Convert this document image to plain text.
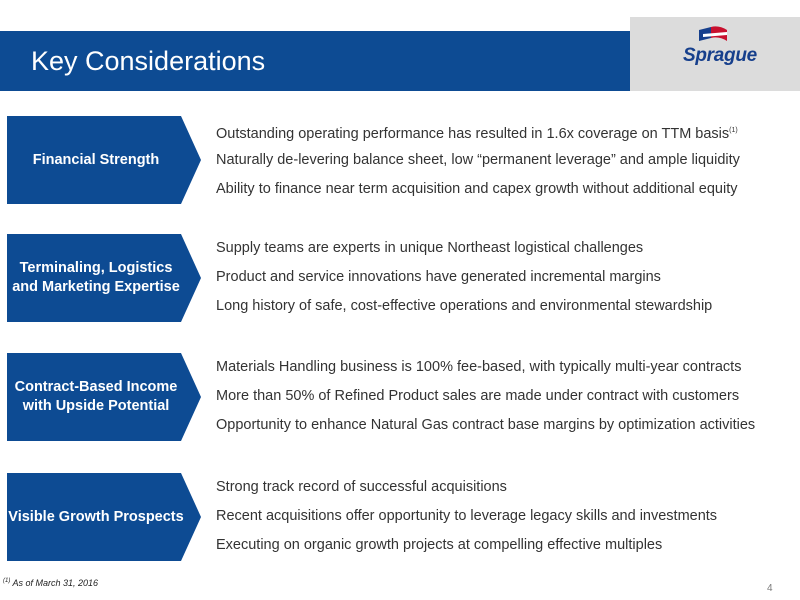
Key Considerations	Sprague
Financial Strength
Outstanding operating performance has resulted in 1.6x coverage on TTM basis$^{(1)}$
Naturally de-levering balance sheet, low “permanent leverage” and ample liquidity
Ability to finance near term acquisition and capex growth without additional equity
Terminaling, Logistics and Marketing Expertise
Supply teams are experts in unique Northeast logistical challenges
Product and service innovations have generated incremental margins
Long history of safe, cost-effective operations and environmental stewardship
Contract-Based Income with Upside Potential
Materials Handling business is 100% fee-based, with typically multi-year contracts
More than 50% of Refined Product sales are made under contract with customers
Opportunity to enhance Natural Gas contract base margins by optimization activities
Visible Growth Prospects
Strong track record of successful acquisitions
Recent acquisitions offer opportunity to leverage legacy skills and investments
Executing on organic growth projects at compelling effective multiples
$^{(1)}$ As of March 31, 2016	4
